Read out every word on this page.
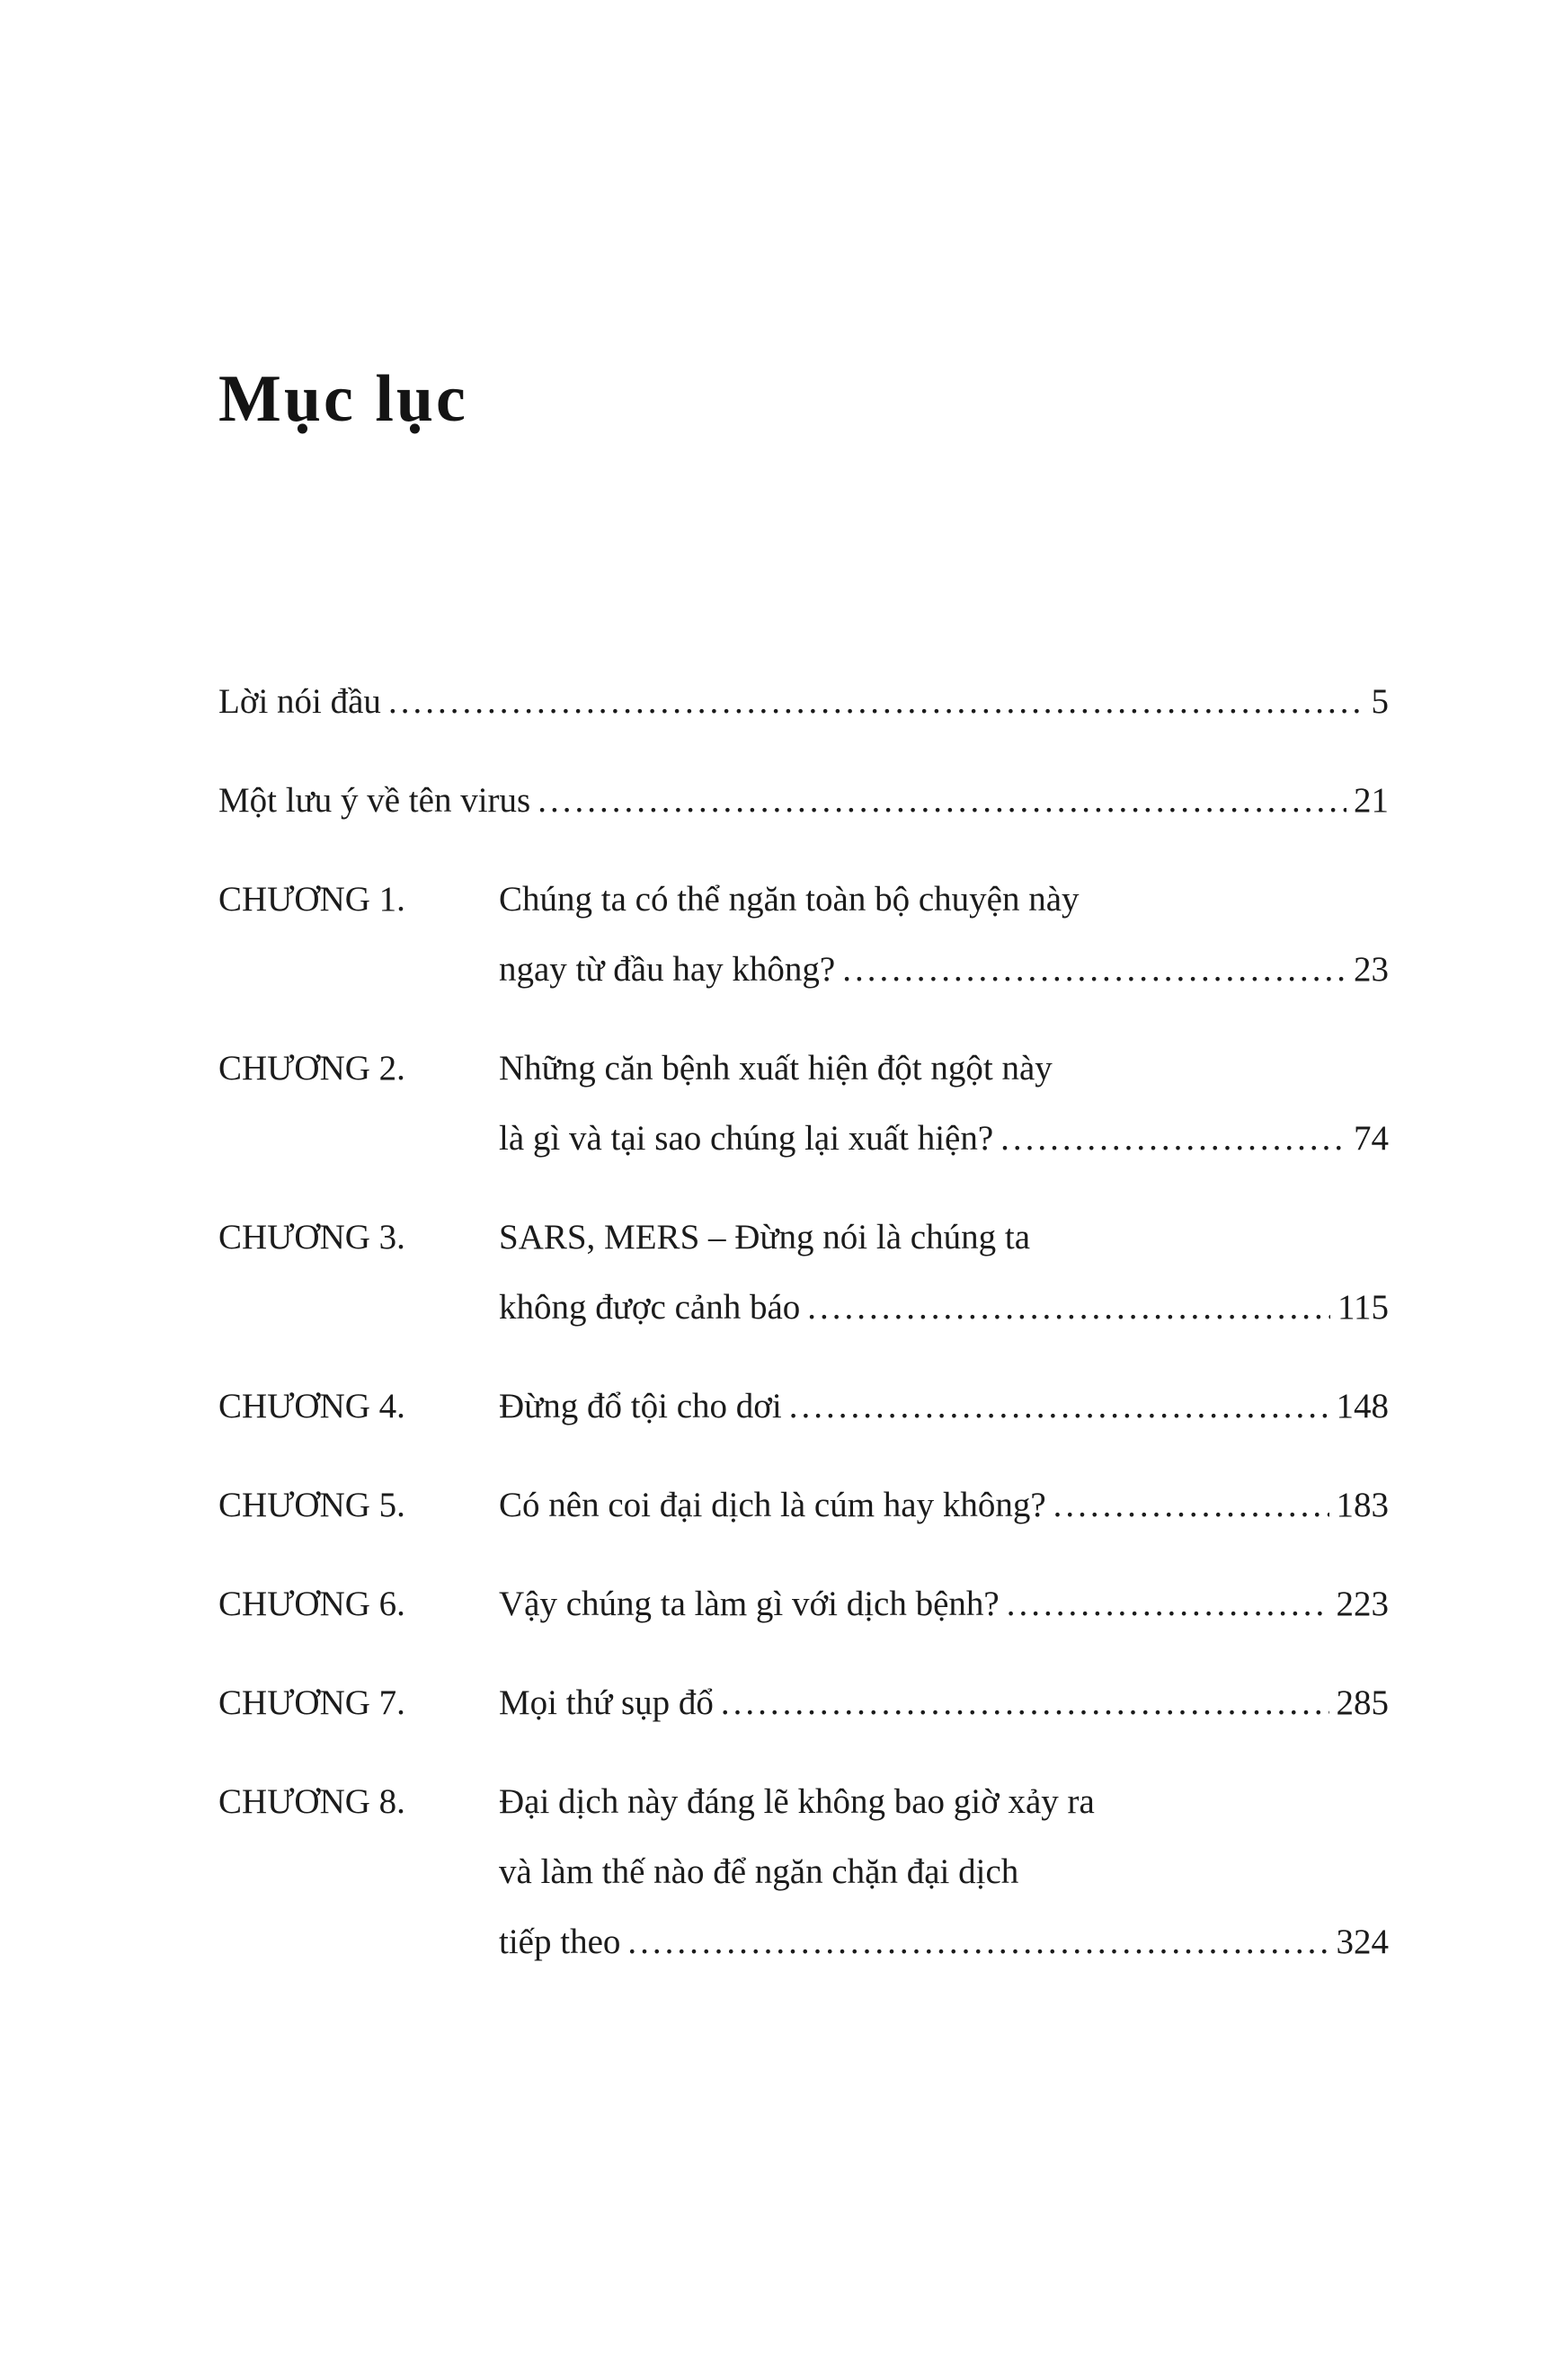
Mục lục
Lời nói đầu .....	5
Một lưu ý về tên virus .....	21
CHƯƠNG 1.	Chúng ta có thể ngăn toàn bộ chuyện này
ngay từ đầu hay không? .....	23
CHƯƠNG 2.	Những căn bệnh xuất hiện đột ngột này
là gì và tại sao chúng lại xuất hiện? .....	74
CHƯƠNG 3.	SARS, MERS – Đừng nói là chúng ta
không được cảnh báo .....	115
CHƯƠNG 4.	Đừng đổ tội cho dơi .....	148
CHƯƠNG 5.	Có nên coi đại dịch là cúm hay không? .....	183
CHƯƠNG 6.	Vậy chúng ta làm gì với dịch bệnh? .....	223
CHƯƠNG 7.	Mọi thứ sụp đổ .....	285
CHƯƠNG 8.	Đại dịch này đáng lẽ không bao giờ xảy ra
và làm thế nào để ngăn chặn đại dịch
tiếp theo .....	324
